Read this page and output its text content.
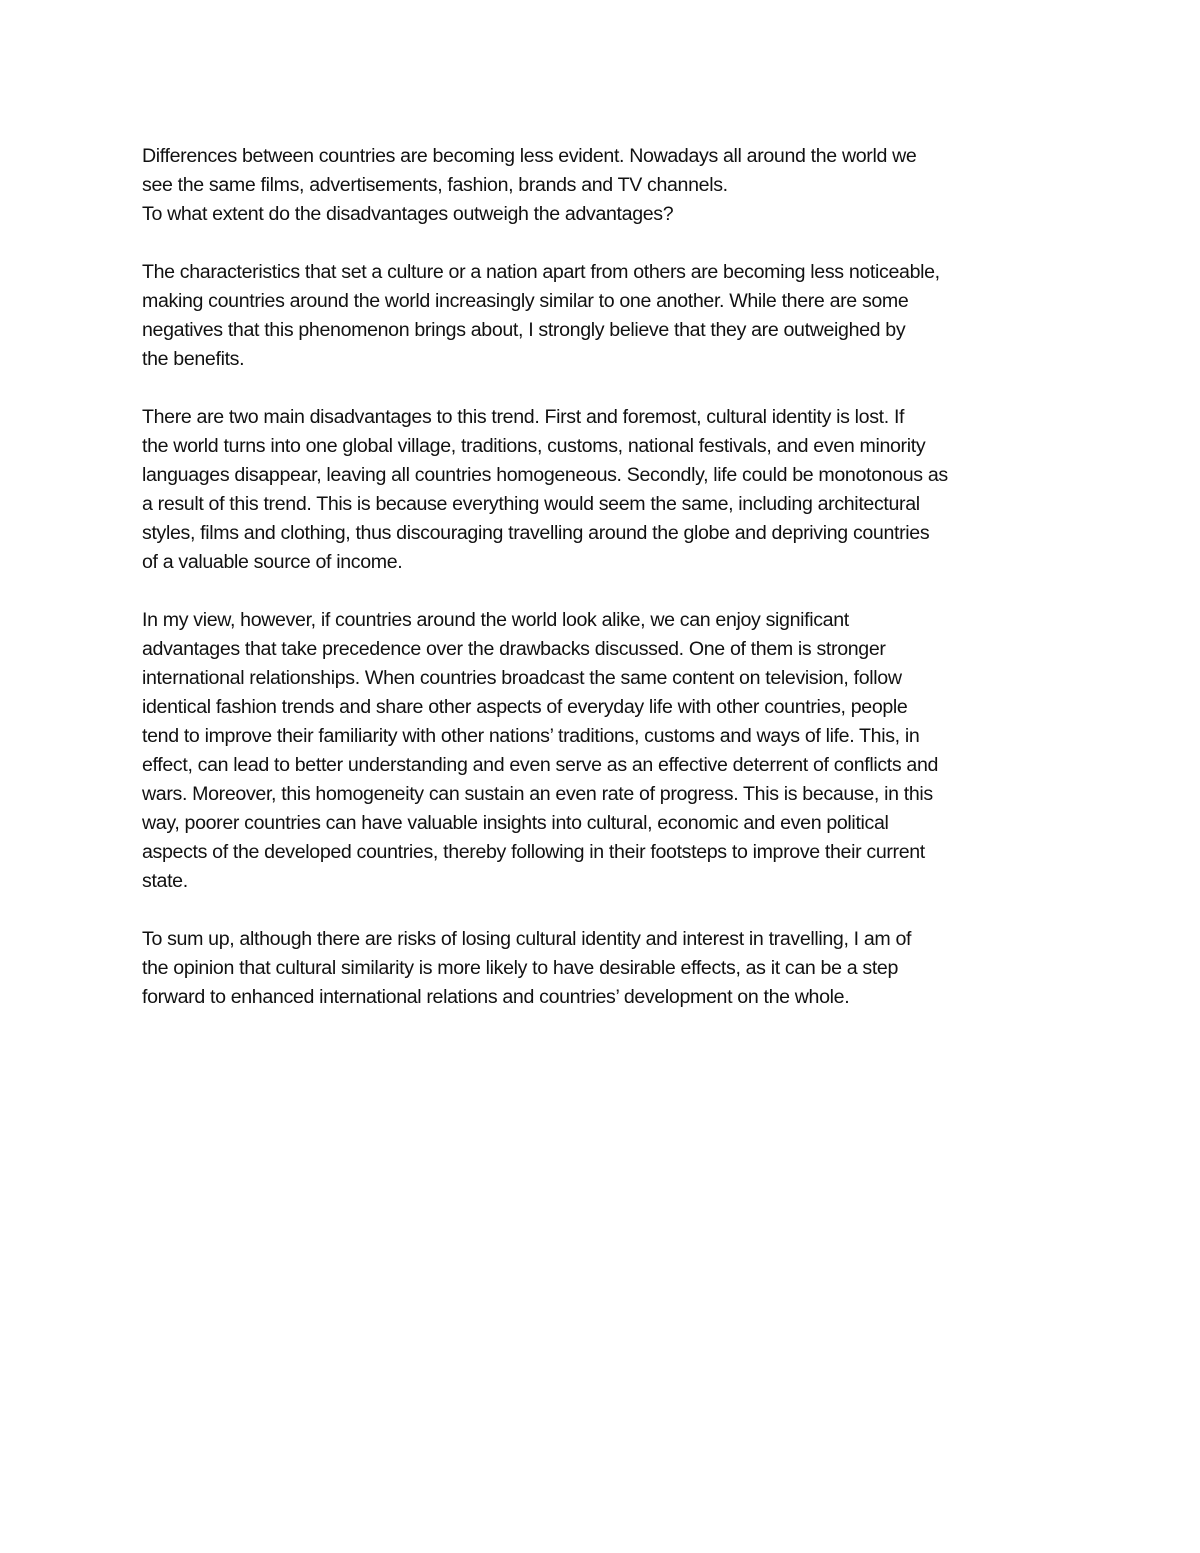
Differences between countries are becoming less evident. Nowadays all around the world we
see the same films, advertisements, fashion, brands and TV channels.
To what extent do the disadvantages outweigh the advantages?

The characteristics that set a culture or a nation apart from others are becoming less noticeable,
making countries around the world increasingly similar to one another. While there are some
negatives that this phenomenon brings about, I strongly believe that they are outweighed by
the benefits.

There are two main disadvantages to this trend. First and foremost, cultural identity is lost. If
the world turns into one global village, traditions, customs, national festivals, and even minority
languages disappear, leaving all countries homogeneous. Secondly, life could be monotonous as
a result of this trend. This is because everything would seem the same, including architectural
styles, films and clothing, thus discouraging travelling around the globe and depriving countries
of a valuable source of income.

In my view, however, if countries around the world look alike, we can enjoy significant
advantages that take precedence over the drawbacks discussed. One of them is stronger
international relationships. When countries broadcast the same content on television, follow
identical fashion trends and share other aspects of everyday life with other countries, people
tend to improve their familiarity with other nations’ traditions, customs and ways of life. This, in
effect, can lead to better understanding and even serve as an effective deterrent of conflicts and
wars. Moreover, this homogeneity can sustain an even rate of progress. This is because, in this
way, poorer countries can have valuable insights into cultural, economic and even political
aspects of the developed countries, thereby following in their footsteps to improve their current
state.

To sum up, although there are risks of losing cultural identity and interest in travelling, I am of
the opinion that cultural similarity is more likely to have desirable effects, as it can be a step
forward to enhanced international relations and countries’ development on the whole.
